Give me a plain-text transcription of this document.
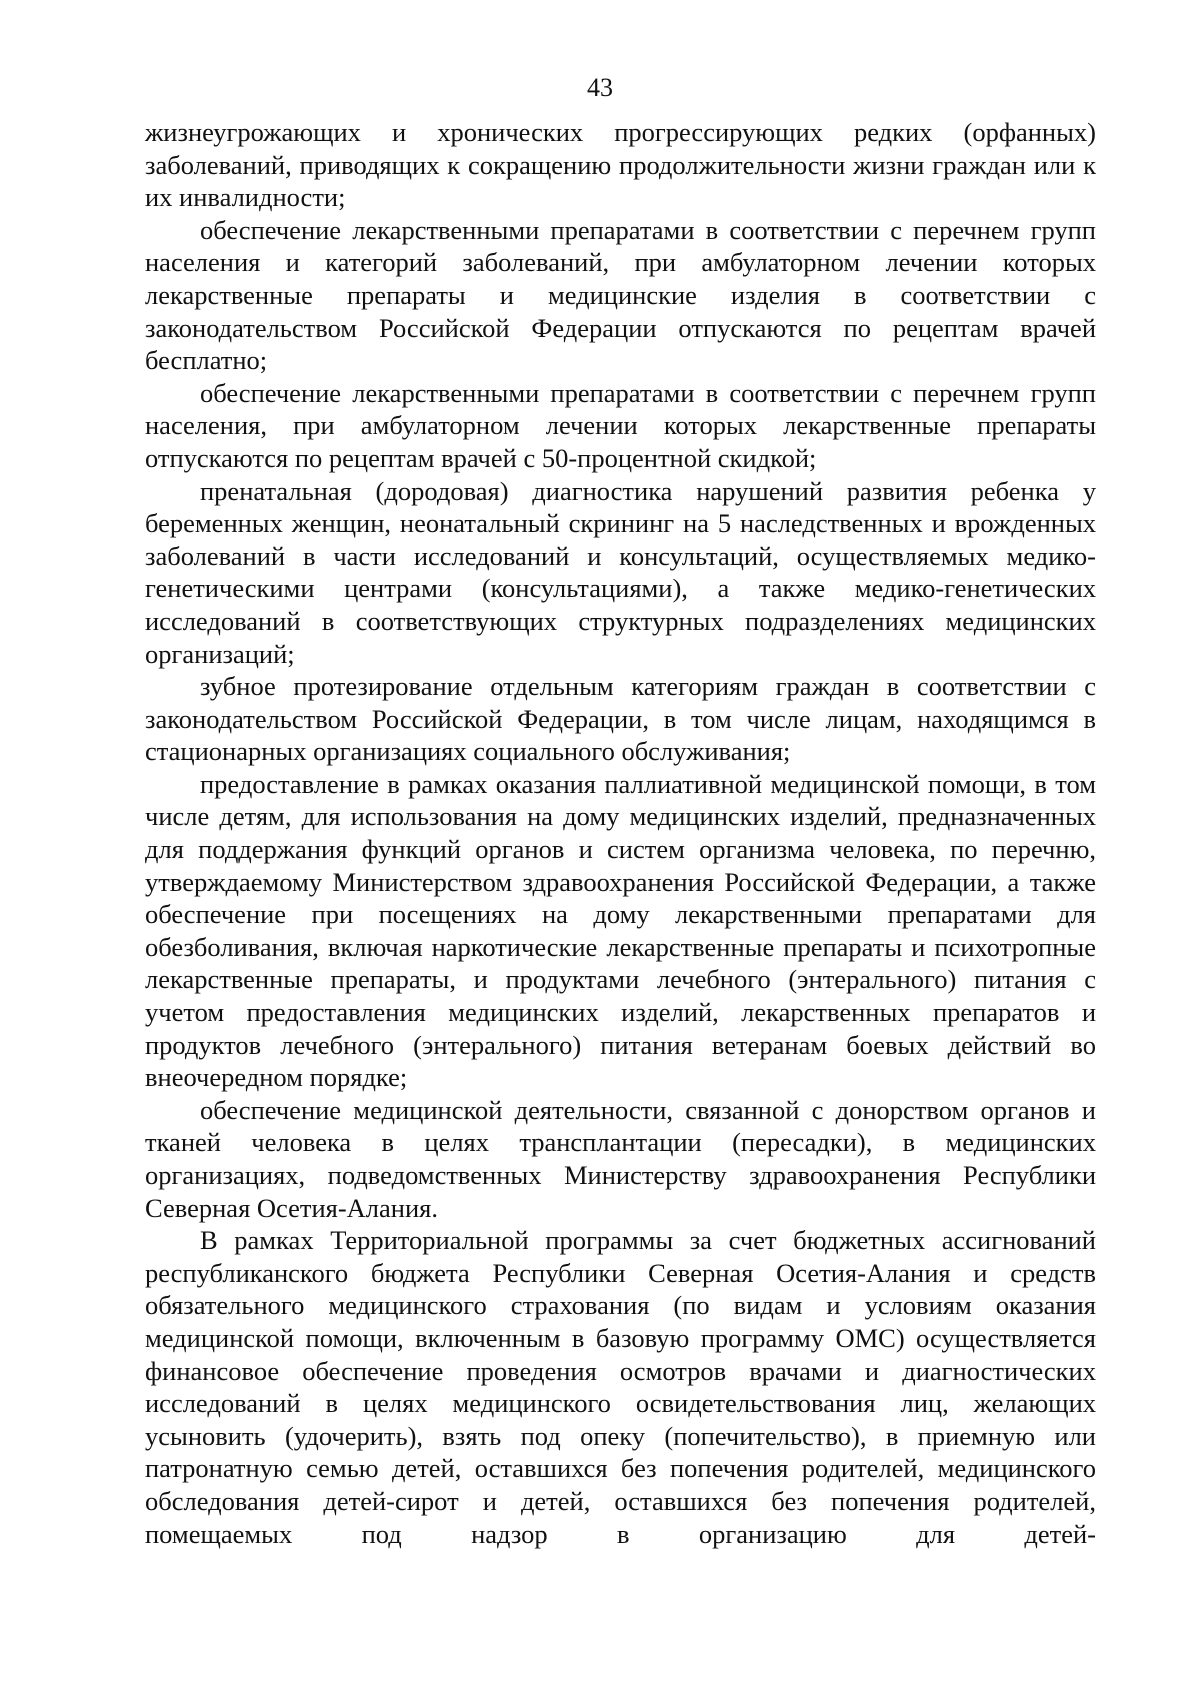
43

жизнеугрожающих и хронических прогрессирующих редких (орфанных) заболеваний, приводящих к сокращению продолжительности жизни граждан или к их инвалидности;

обеспечение лекарственными препаратами в соответствии с перечнем групп населения и категорий заболеваний, при амбулаторном лечении которых лекарственные препараты и медицинские изделия в соответствии с законодательством Российской Федерации отпускаются по рецептам врачей бесплатно;

обеспечение лекарственными препаратами в соответствии с перечнем групп населения, при амбулаторном лечении которых лекарственные препараты отпускаются по рецептам врачей с 50-процентной скидкой;

пренатальная (дородовая) диагностика нарушений развития ребенка у беременных женщин, неонатальный скрининг на 5 наследственных и врожденных заболеваний в части исследований и консультаций, осуществляемых медико-генетическими центрами (консультациями), а также медико-генетических исследований в соответствующих структурных подразделениях медицинских организаций;

зубное протезирование отдельным категориям граждан в соответствии с законодательством Российской Федерации, в том числе лицам, находящимся в стационарных организациях социального обслуживания;

предоставление в рамках оказания паллиативной медицинской помощи, в том числе детям, для использования на дому медицинских изделий, предназначенных для поддержания функций органов и систем организма человека, по перечню, утверждаемому Министерством здравоохранения Российской Федерации, а также обеспечение при посещениях на дому лекарственными препаратами для обезболивания, включая наркотические лекарственные препараты и психотропные лекарственные препараты, и продуктами лечебного (энтерального) питания с учетом предоставления медицинских изделий, лекарственных препаратов и продуктов лечебного (энтерального) питания ветеранам боевых действий во внеочередном порядке;

обеспечение медицинской деятельности, связанной с донорством органов и тканей человека в целях трансплантации (пересадки), в медицинских организациях, подведомственных Министерству здравоохранения Республики Северная Осетия-Алания.

В рамках Территориальной программы за счет бюджетных ассигнований республиканского бюджета Республики Северная Осетия-Алания и средств обязательного медицинского страхования (по видам и условиям оказания медицинской помощи, включенным в базовую программу ОМС) осуществляется финансовое обеспечение проведения осмотров врачами и диагностических исследований в целях медицинского освидетельствования лиц, желающих усыновить (удочерить), взять под опеку (попечительство), в приемную или патронатную семью детей, оставшихся без попечения родителей, медицинского обследования детей-сирот и детей, оставшихся без попечения родителей, помещаемых под надзор в организацию для детей-
